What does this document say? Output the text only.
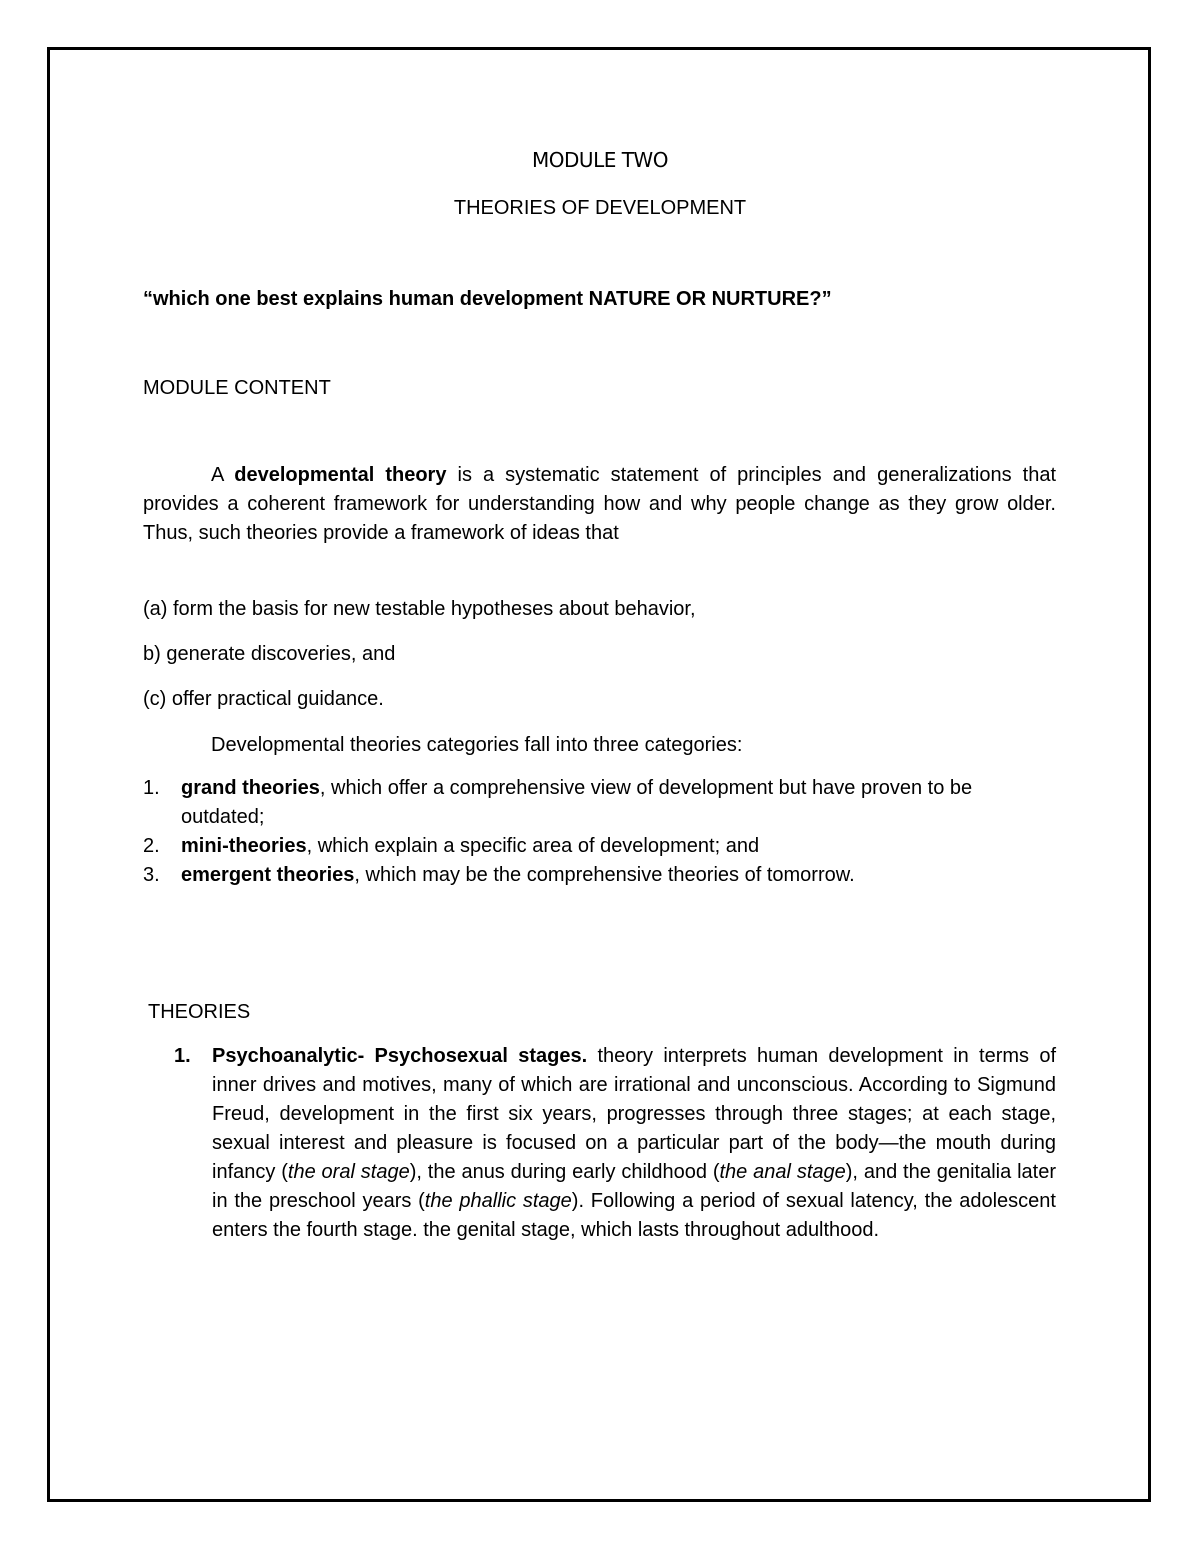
MODULE TWO
THEORIES OF DEVELOPMENT
“which one best explains human development NATURE OR NURTURE?”
MODULE CONTENT

A developmental theory is a systematic statement of principles and generalizations that provides a coherent framework for understanding how and why people change as they grow older. Thus, such theories provide a framework of ideas that

(a) form the basis for new testable hypotheses about behavior,
b) generate discoveries, and
(c) offer practical guidance.
Developmental theories categories fall into three categories:
1.	grand theories, which offer a comprehensive view of development but have proven to be outdated;
2.	mini-theories, which explain a specific area of development; and
3.	emergent theories, which may be the comprehensive theories of tomorrow.
THEORIES
1.	Psychoanalytic- Psychosexual stages. theory interprets human development in terms of inner drives and motives, many of which are irrational and unconscious. According to Sigmund Freud, development in the first six years, progresses through three stages; at each stage, sexual interest and pleasure is focused on a particular part of the body—the mouth during infancy (the oral stage), the anus during early childhood (the anal stage), and the genitalia later in the preschool years (the phallic stage). Following a period of sexual latency, the adolescent enters the fourth stage. the genital stage, which lasts throughout adulthood.
